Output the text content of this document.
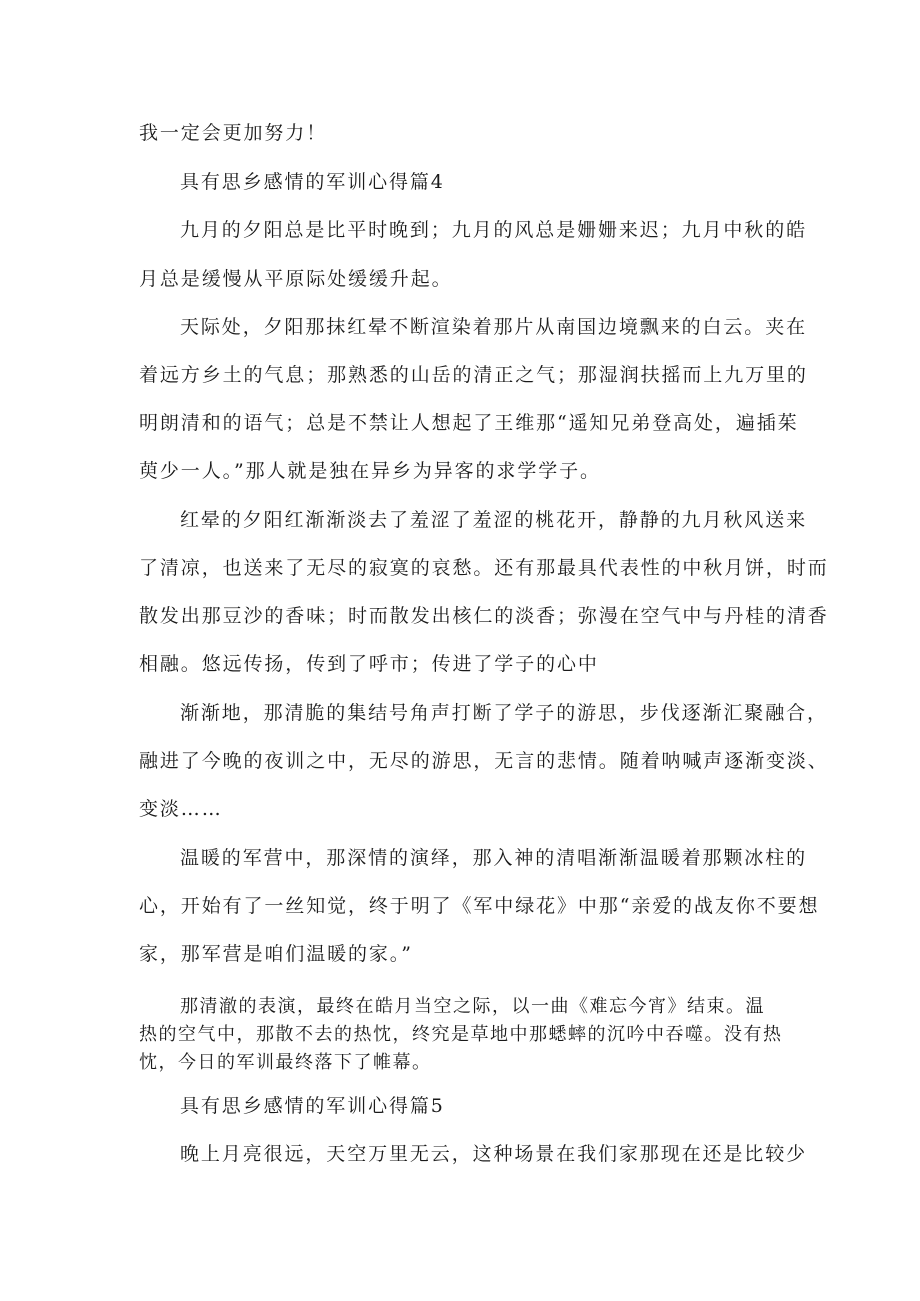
我一定会更加努力！
具有思乡感情的军训心得篇4
九月的夕阳总是比平时晚到；九月的风总是姗姗来迟；九月中秋的皓
月总是缓慢从平原际处缓缓升起。
天际处，夕阳那抹红晕不断渲染着那片从南国边境飘来的白云。夹在
着远方乡土的气息；那熟悉的山岳的清正之气；那湿润扶摇而上九万里的
明朗清和的语气；总是不禁让人想起了王维那“遥知兄弟登高处，遍插茱
萸少一人。”那人就是独在异乡为异客的求学学子。
红晕的夕阳红渐渐淡去了羞涩了羞涩的桃花开，静静的九月秋风送来
了清凉，也送来了无尽的寂寞的哀愁。还有那最具代表性的中秋月饼，时而
散发出那豆沙的香味；时而散发出核仁的淡香；弥漫在空气中与丹桂的清香
相融。悠远传扬，传到了呼市；传进了学子的心中
渐渐地，那清脆的集结号角声打断了学子的游思，步伐逐渐汇聚融合，
融进了今晚的夜训之中，无尽的游思，无言的悲情。随着呐喊声逐渐变淡、
变淡……
温暖的军营中，那深情的演绎，那入神的清唱渐渐温暖着那颗冰柱的
心，开始有了一丝知觉，终于明了《军中绿花》中那“亲爱的战友你不要想
家，那军营是咱们温暖的家。”
那清澈的表演，最终在皓月当空之际，以一曲《难忘今宵》结束。温
热的空气中，那散不去的热忱，终究是草地中那蟋蟀的沉吟中吞噬。没有热
忱，今日的军训最终落下了帷幕。
具有思乡感情的军训心得篇5
晚上月亮很远，天空万里无云，这种场景在我们家那现在还是比较少
